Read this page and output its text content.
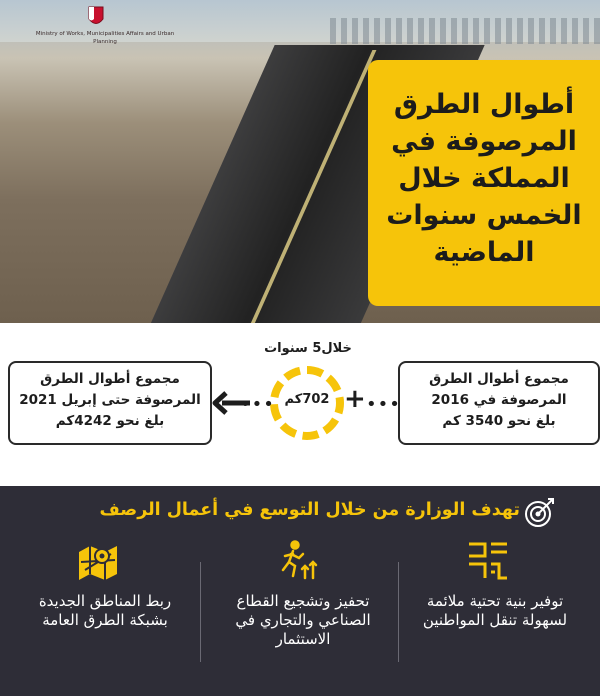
Ministry of Works, Municipalities Affairs and Urban Planning
أطوال الطرق
المرصوفة في
المملكة خلال
الخمس سنوات
الماضية
مجموع أطوال الطرق
المرصوفة في 2016
بلغ نحو 3540 كم
•••
+
خلال5 سنوات
702كم
•••
مجموع أطوال الطرق
المرصوفة حتى إبريل 2021
بلغ نحو 4242كم
تهدف الوزارة من خلال التوسع في أعمال الرصف
توفير بنية تحتية ملائمة
لسهولة تنقل المواطنين
تحفيز وتشجيع القطاع
الصناعي والتجاري في
الاستثمار
ربط المناطق الجديدة
بشبكة الطرق العامة
